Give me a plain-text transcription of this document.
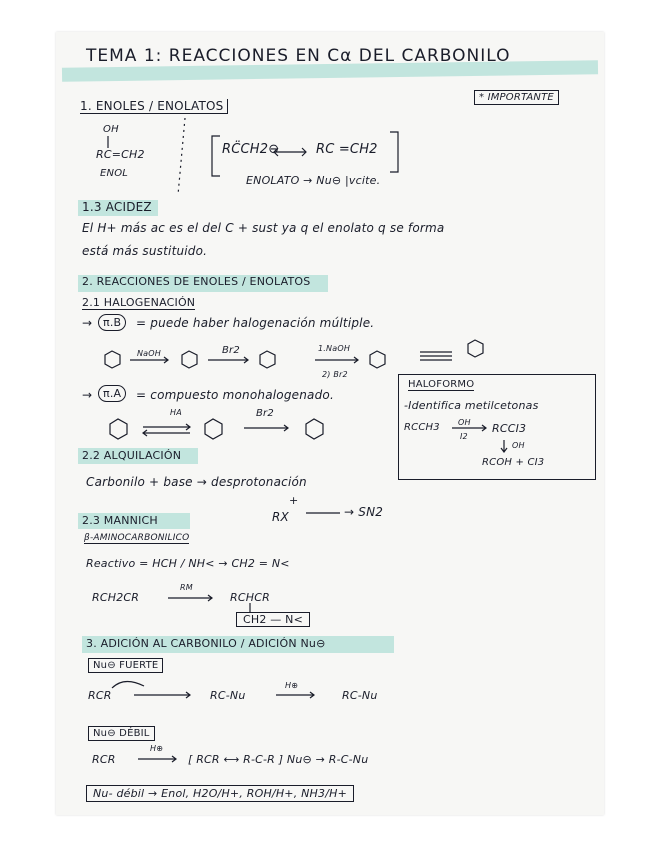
TEMA 1: REACCIONES EN Cα DEL CARBONILO
* IMPORTANTE
1. ENOLES / ENOLATOS
OH
RC=CH2
ENOL
RC̈CH2⊖	RC =CH2
ENOLATO → Nu⊖ |vcite.
1.3 ACIDEZ
El H+ más ac es el del C + sust ya q el enolato q se forma
está más sustituido.
2. REACCIONES DE ENOLES / ENOLATOS
2.1 HALOGENACIÓN
→ π.B	= puede haber halogenación múltiple.
NaOH	Br2	1.NaOH
2) Br2
→ π.A	= compuesto monohalogenado.
HA	Br2
HALOFORMO
-Identifica metilcetonas
RCCH3 OH
I2
RCCI3
OH
RCOH + CI3
2.2 ALQUILACIÓN
Carbonilo + base → desprotonación
+
RX	→ SN2
2.3 MANNICH
β-AMINOCARBONILICO
Reactivo = HCH / NH< → CH2 = N<
RCH2CR
RM
RCHCR
CH2 — N<
3. ADICIÓN AL CARBONILO / ADICIÓN Nu⊖
Nu⊖ FUERTE
RCR	RC-Nu
H⊕
RC-Nu
Nu⊖ DÉBIL
RCR
H⊕
[ RCR ⟷ R-C-R ] Nu⊖ → R-C-Nu
Nu- débil → Enol, H2O/H+, ROH/H+, NH3/H+
